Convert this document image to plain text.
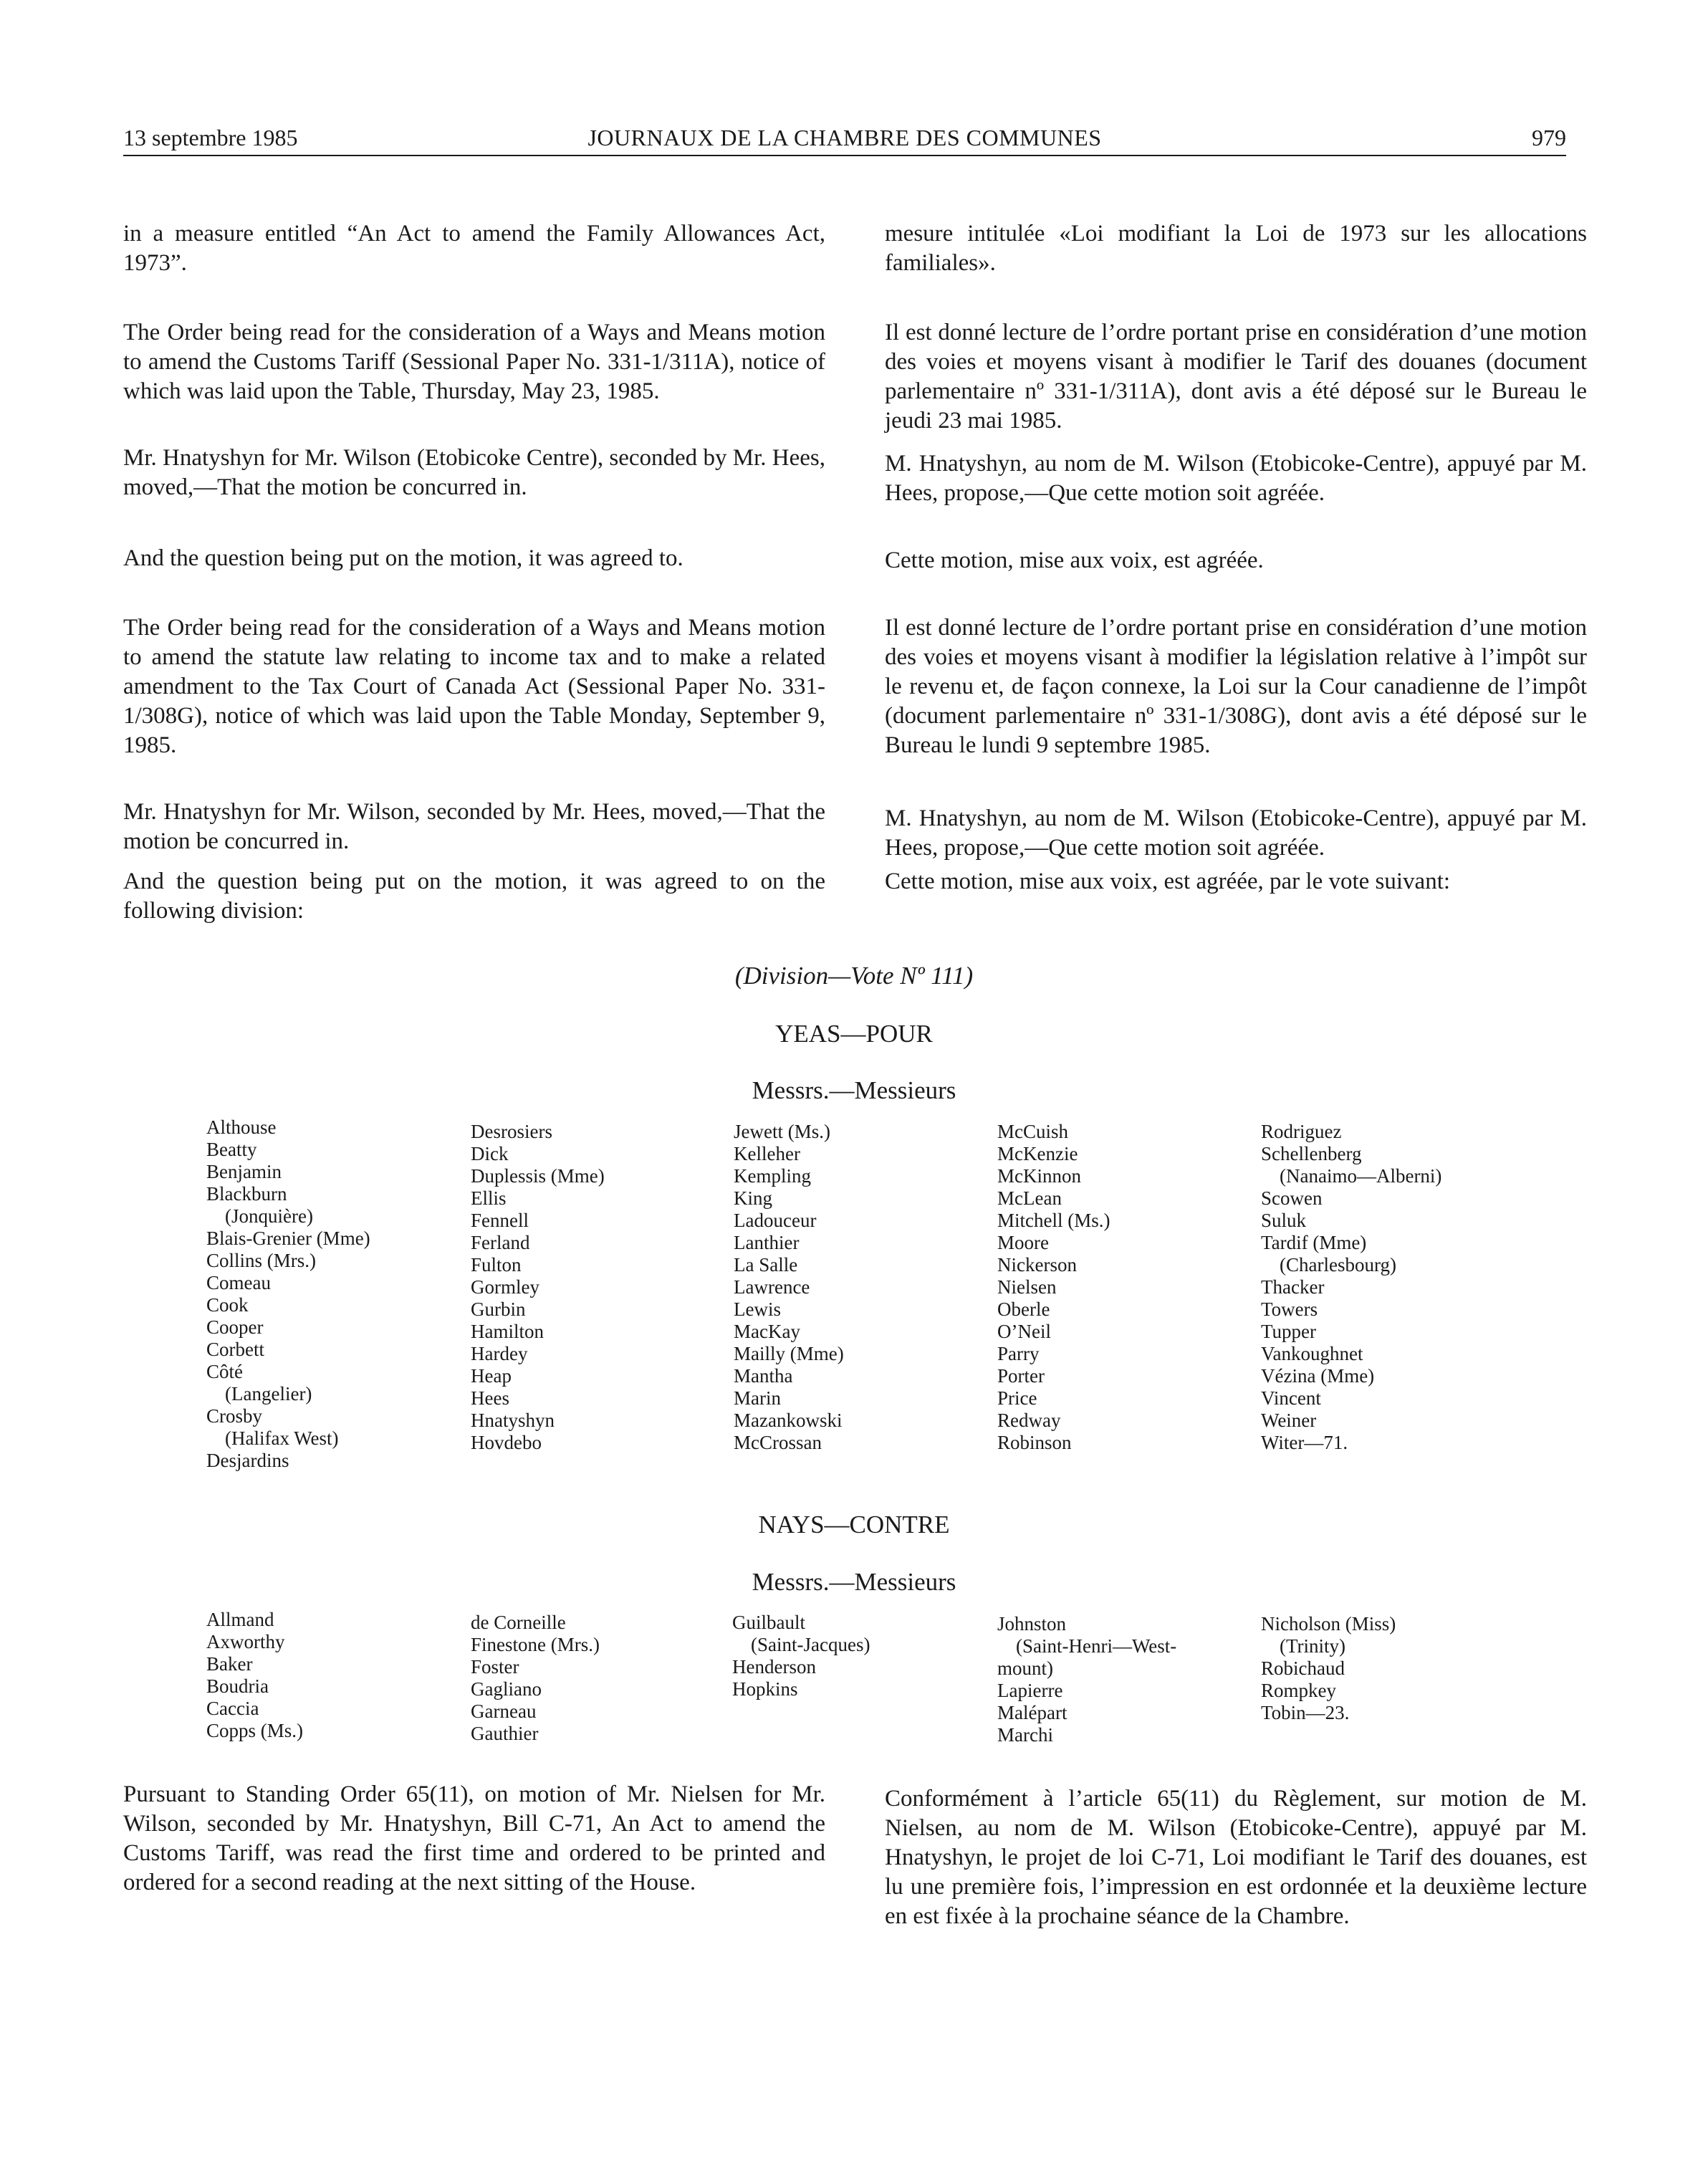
13 septembre 1985	JOURNAUX DE LA CHAMBRE DES COMMUNES	979
in a measure entitled “An Act to amend the Family Allowances Act, 1973”.
The Order being read for the consideration of a Ways and Means motion to amend the Customs Tariff (Sessional Paper No. 331-1/311A), notice of which was laid upon the Table, Thursday, May 23, 1985.
Mr. Hnatyshyn for Mr. Wilson (Etobicoke Centre), seconded by Mr. Hees, moved,—That the motion be concurred in.
And the question being put on the motion, it was agreed to.
The Order being read for the consideration of a Ways and Means motion to amend the statute law relating to income tax and to make a related amendment to the Tax Court of Canada Act (Sessional Paper No. 331-1/308G), notice of which was laid upon the Table Monday, September 9, 1985.
Mr. Hnatyshyn for Mr. Wilson, seconded by Mr. Hees, moved,—That the motion be concurred in.
And the question being put on the motion, it was agreed to on the following division:
mesure intitulée «Loi modifiant la Loi de 1973 sur les allocations familiales».
Il est donné lecture de l’ordre portant prise en considération d’une motion des voies et moyens visant à modifier le Tarif des douanes (document parlementaire nº 331-1/311A), dont avis a été déposé sur le Bureau le jeudi 23 mai 1985.
M. Hnatyshyn, au nom de M. Wilson (Etobicoke-Centre), appuyé par M. Hees, propose,—Que cette motion soit agréée.
Cette motion, mise aux voix, est agréée.
Il est donné lecture de l’ordre portant prise en considération d’une motion des voies et moyens visant à modifier la législation relative à l’impôt sur le revenu et, de façon connexe, la Loi sur la Cour canadienne de l’impôt (document parlementaire nº 331-1/308G), dont avis a été déposé sur le Bureau le lundi 9 septembre 1985.
M. Hnatyshyn, au nom de M. Wilson (Etobicoke-Centre), appuyé par M. Hees, propose,—Que cette motion soit agréée.
Cette motion, mise aux voix, est agréée, par le vote suivant:
(Division—Vote Nº 111)
YEAS—POUR
Messrs.—Messieurs
Althouse
Beatty
Benjamin
Blackburn
(Jonquière)
Blais-Grenier (Mme)
Collins (Mrs.)
Comeau
Cook
Cooper
Corbett
Côté
(Langelier)
Crosby
(Halifax West)
Desjardins
Desrosiers
Dick
Duplessis (Mme)
Ellis
Fennell
Ferland
Fulton
Gormley
Gurbin
Hamilton
Hardey
Heap
Hees
Hnatyshyn
Hovdebo
Jewett (Ms.)
Kelleher
Kempling
King
Ladouceur
Lanthier
La Salle
Lawrence
Lewis
MacKay
Mailly (Mme)
Mantha
Marin
Mazankowski
McCrossan
McCuish
McKenzie
McKinnon
McLean
Mitchell (Ms.)
Moore
Nickerson
Nielsen
Oberle
O’Neil
Parry
Porter
Price
Redway
Robinson
Rodriguez
Schellenberg
(Nanaimo—Alberni)
Scowen
Suluk
Tardif (Mme)
(Charlesbourg)
Thacker
Towers
Tupper
Vankoughnet
Vézina (Mme)
Vincent
Weiner
Witer—71.
NAYS—CONTRE
Messrs.—Messieurs
Allmand
Axworthy
Baker
Boudria
Caccia
Copps (Ms.)
de Corneille
Finestone (Mrs.)
Foster
Gagliano
Garneau
Gauthier
Guilbault
(Saint-Jacques)
Henderson
Hopkins
Johnston
(Saint-Henri—West-
mount)
Lapierre
Malépart
Marchi
Nicholson (Miss)
(Trinity)
Robichaud
Rompkey
Tobin—23.
Pursuant to Standing Order 65(11), on motion of Mr. Nielsen for Mr. Wilson, seconded by Mr. Hnatyshyn, Bill C-71, An Act to amend the Customs Tariff, was read the first time and ordered to be printed and ordered for a second reading at the next sitting of the House.
Conformément à l’article 65(11) du Règlement, sur motion de M. Nielsen, au nom de M. Wilson (Etobicoke-Centre), appuyé par M. Hnatyshyn, le projet de loi C-71, Loi modifiant le Tarif des douanes, est lu une première fois, l’impression en est ordonnée et la deuxième lecture en est fixée à la prochaine séance de la Chambre.
